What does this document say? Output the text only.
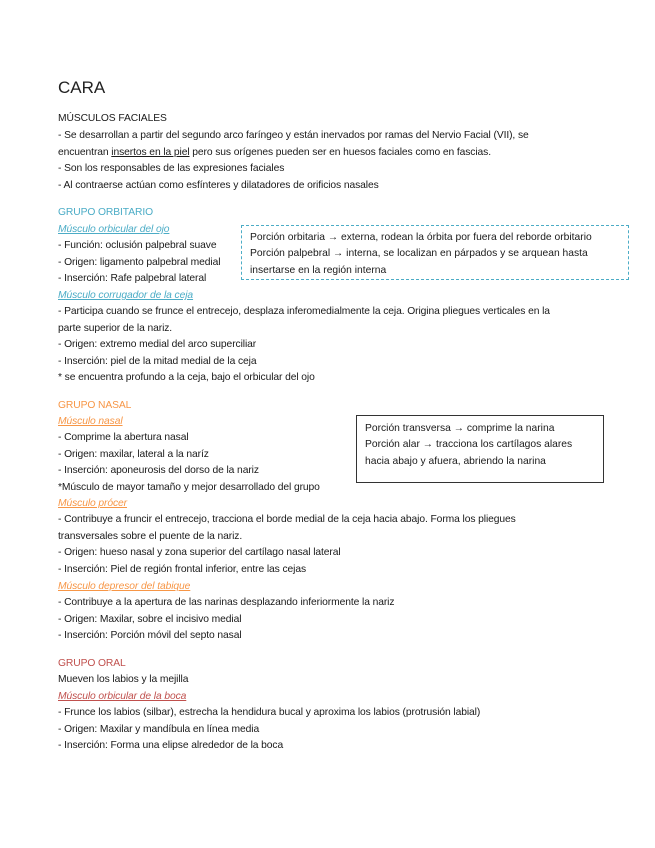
CARA
MÚSCULOS FACIALES
- Se desarrollan a partir del segundo arco faríngeo y están inervados por ramas del Nervio Facial (VII), se
encuentran insertos en la piel pero sus orígenes pueden ser en huesos faciales como en fascias.
- Son los responsables de las expresiones faciales
- Al contraerse actúan como esfínteres y dilatadores de orificios nasales
GRUPO ORBITARIO
Músculo orbicular del ojo
- Función: oclusión palpebral suave
- Origen: ligamento palpebral medial
- Inserción: Rafe palpebral lateral
Músculo corrugador de la ceja
- Participa cuando se frunce el entrecejo, desplaza inferomedialmente la ceja. Origina pliegues verticales en la
parte superior de la nariz.
- Origen: extremo medial del arco superciliar
- Inserción: piel de la mitad medial de la ceja
* se encuentra profundo a la ceja, bajo el orbicular del ojo
Porción orbitaria → externa, rodean la órbita por fuera del reborde orbitario
Porción palpebral → interna, se localizan en párpados y se arquean hasta
insertarse en la región interna
GRUPO NASAL
Músculo nasal
- Comprime la abertura nasal
- Origen: maxilar, lateral a la naríz
- Inserción: aponeurosis del dorso de la nariz
*Músculo de mayor tamaño y mejor desarrollado del grupo
Músculo prócer
- Contribuye a fruncir el entrecejo, tracciona el borde medial de la ceja hacia abajo. Forma los pliegues
transversales sobre el puente de la nariz.
- Origen: hueso nasal y zona superior del cartílago nasal lateral
- Inserción: Piel de región frontal inferior, entre las cejas
Músculo depresor del tabique
- Contribuye a la apertura de las narinas desplazando inferiormente la nariz
- Origen: Maxilar, sobre el incisivo medial
- Inserción: Porción móvil del septo nasal
Porción transversa → comprime la narina
Porción alar → tracciona los cartílagos alares
hacia abajo y afuera, abriendo la narina
GRUPO ORAL
Mueven los labios y la mejilla
Músculo orbicular de la boca
- Frunce los labios (silbar), estrecha la hendidura bucal y aproxima los labios (protrusión labial)
- Origen: Maxilar y mandíbula en línea media
- Inserción: Forma una elipse alrededor de la boca
